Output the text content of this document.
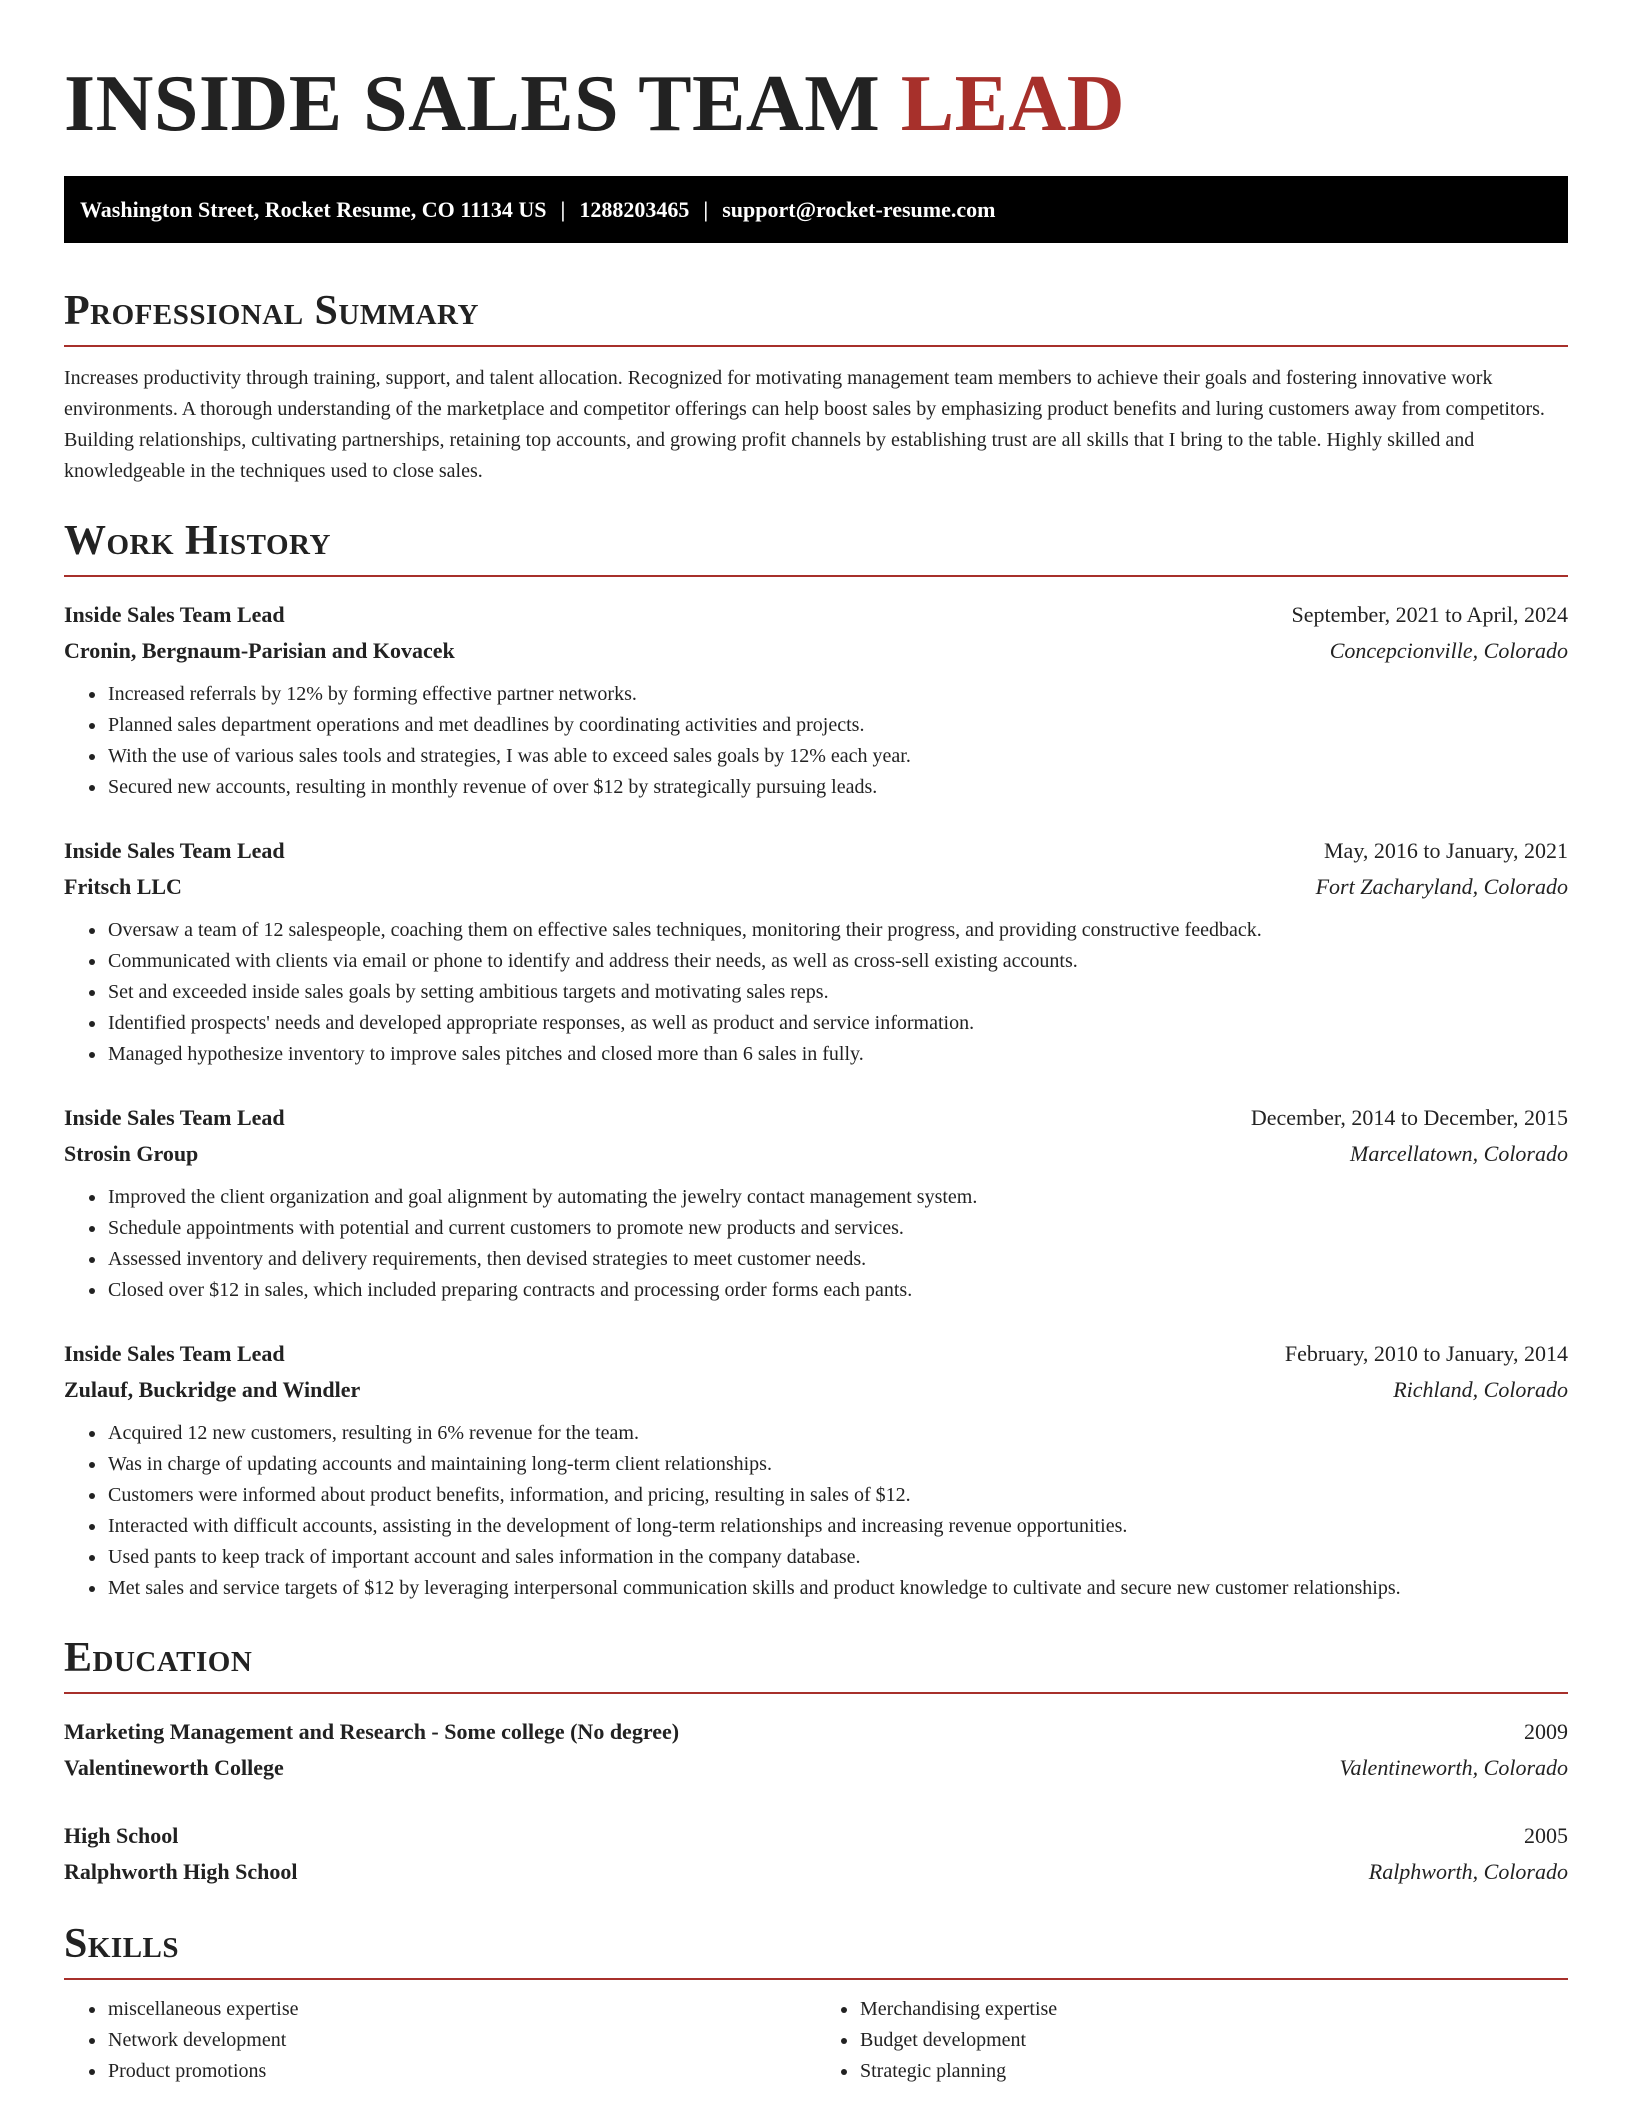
INSIDE SALES TEAM LEAD
Washington Street, Rocket Resume, CO 11134 US | 1288203465 | support@rocket-resume.com
Professional Summary

Increases productivity through training, support, and talent allocation. Recognized for motivating management team members to achieve their goals and fostering innovative work environments. A thorough understanding of the marketplace and competitor offerings can help boost sales by emphasizing product benefits and luring customers away from competitors. Building relationships, cultivating partnerships, retaining top accounts, and growing profit channels by establishing trust are all skills that I bring to the table. Highly skilled and knowledgeable in the techniques used to close sales.

Work History
Inside Sales Team Lead	September, 2021 to April, 2024
Cronin, Bergnaum-Parisian and Kovacek	Concepcionville, Colorado
• Increased referrals by 12% by forming effective partner networks.
• Planned sales department operations and met deadlines by coordinating activities and projects.
• With the use of various sales tools and strategies, I was able to exceed sales goals by 12% each year.
• Secured new accounts, resulting in monthly revenue of over $12 by strategically pursuing leads.
Inside Sales Team Lead	May, 2016 to January, 2021
Fritsch LLC	Fort Zacharyland, Colorado
• Oversaw a team of 12 salespeople, coaching them on effective sales techniques, monitoring their progress, and providing constructive feedback.
• Communicated with clients via email or phone to identify and address their needs, as well as cross-sell existing accounts.
• Set and exceeded inside sales goals by setting ambitious targets and motivating sales reps.
• Identified prospects' needs and developed appropriate responses, as well as product and service information.
• Managed hypothesize inventory to improve sales pitches and closed more than 6 sales in fully.
Inside Sales Team Lead	December, 2014 to December, 2015
Strosin Group	Marcellatown, Colorado
• Improved the client organization and goal alignment by automating the jewelry contact management system.
• Schedule appointments with potential and current customers to promote new products and services.
• Assessed inventory and delivery requirements, then devised strategies to meet customer needs.
• Closed over $12 in sales, which included preparing contracts and processing order forms each pants.
Inside Sales Team Lead	February, 2010 to January, 2014
Zulauf, Buckridge and Windler	Richland, Colorado
• Acquired 12 new customers, resulting in 6% revenue for the team.
• Was in charge of updating accounts and maintaining long-term client relationships.
• Customers were informed about product benefits, information, and pricing, resulting in sales of $12.
• Interacted with difficult accounts, assisting in the development of long-term relationships and increasing revenue opportunities.
• Used pants to keep track of important account and sales information in the company database.
• Met sales and service targets of $12 by leveraging interpersonal communication skills and product knowledge to cultivate and secure new customer relationships.
Education
Marketing Management and Research - Some college (No degree)	2009
Valentineworth College	Valentineworth, Colorado
High School	2005
Ralphworth High School	Ralphworth, Colorado
Skills
• miscellaneous expertise
• Network development
• Product promotions
• Merchandising expertise
• Budget development
• Strategic planning
